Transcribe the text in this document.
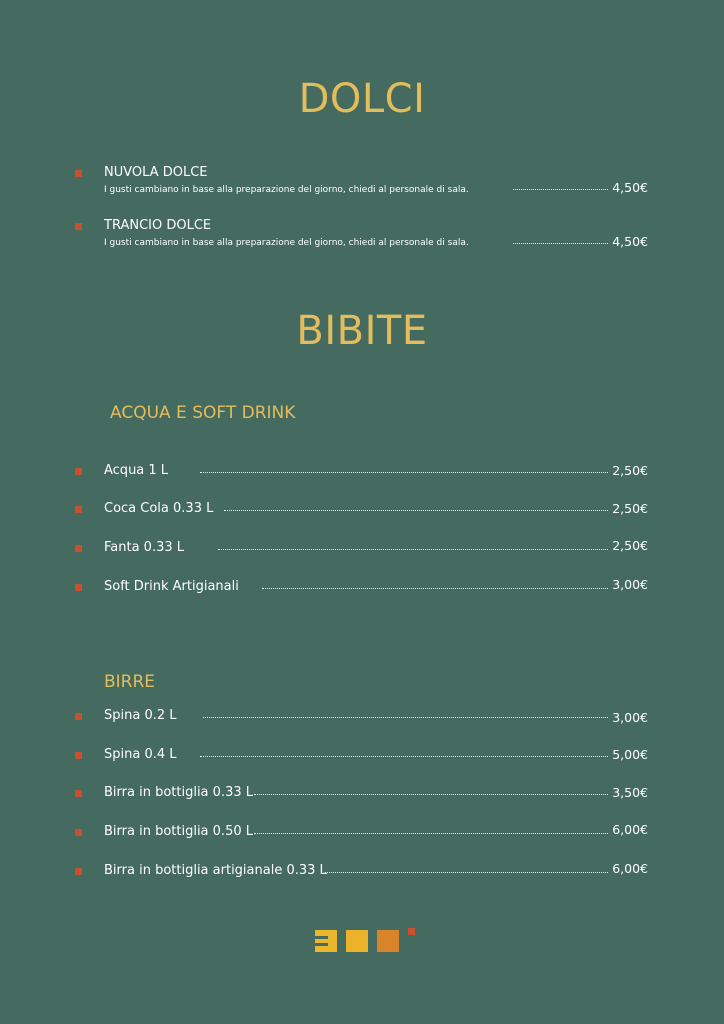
DOLCI
NUVOLA DOLCE
I gusti cambiano in base alla preparazione del giorno, chiedi al personale di sala.	4,50€
TRANCIO DOLCE
I gusti cambiano in base alla preparazione del giorno, chiedi al personale di sala.	4,50€
BIBITE
ACQUA E SOFT DRINK
Acqua 1 L	2,50€
Coca Cola 0.33 L	2,50€
Fanta 0.33 L	2,50€
Soft Drink Artigianali	3,00€
BIRRE
Spina 0.2 L	3,00€
Spina 0.4 L	5,00€
Birra in bottiglia 0.33 L	3,50€
Birra in bottiglia 0.50 L	6,00€
Birra in bottiglia artigianale 0.33 L	6,00€
